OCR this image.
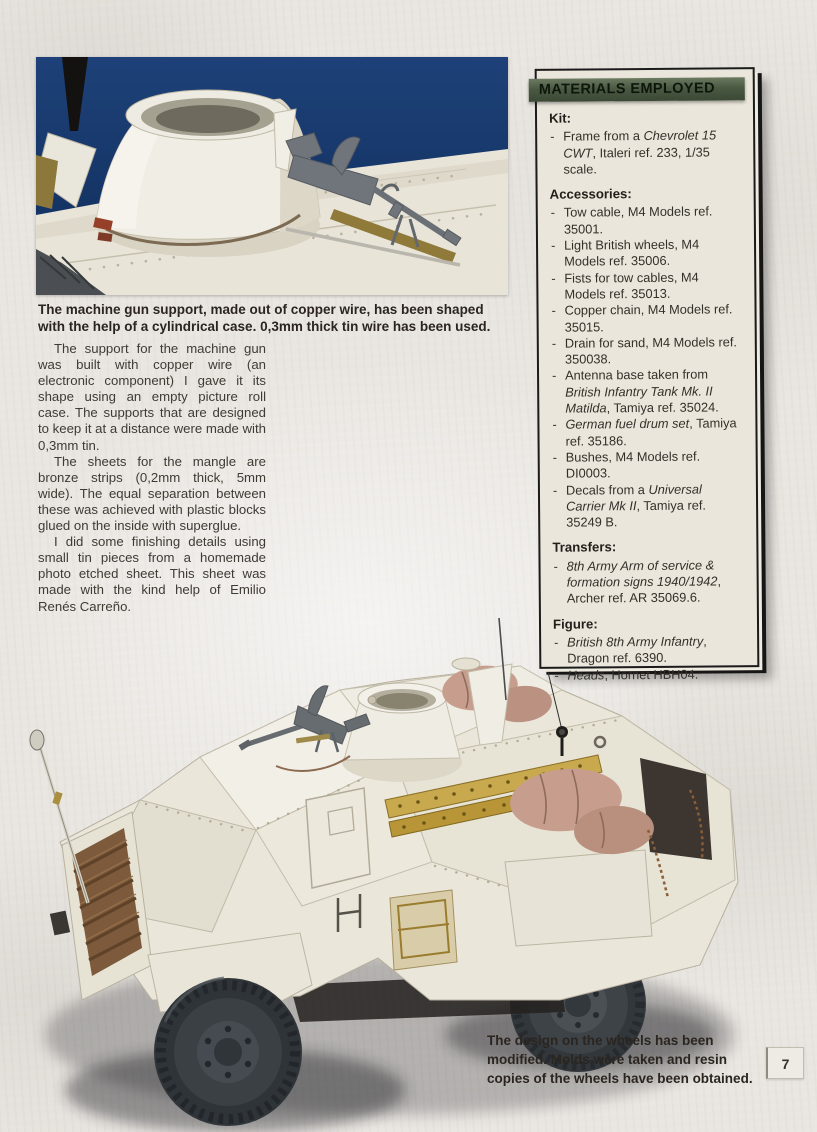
The machine gun support, made out of copper wire, has been shaped with the help of a cylindrical case. 0,3mm thick tin wire has been used.

The support for the machine gun was built with copper wire (an electronic component) I gave it its shape using an empty picture roll case. The supports that are designed to keep it at a distance were made with 0,3mm tin.

The sheets for the mangle are bronze strips (0,2mm thick, 5mm wide). The equal separation between these was achieved with plastic blocks glued on the inside with superglue.

I did some finishing details using small tin pieces from a homemade photo etched sheet. This sheet was made with the kind help of Emilio Renés Carreño.

MATERIALS EMPLOYED
Kit:
- Frame from a Chevrolet 15 CWT, Italeri ref. 233, 1/35 scale.
Accessories:
- Tow cable, M4 Models ref. 35001.
- Light British wheels, M4 Models ref. 35006.
- Fists for tow cables, M4 Models ref. 35013.
- Copper chain, M4 Models ref. 35015.
- Drain for sand, M4 Models ref. 350038.
- Antenna base taken from British Infantry Tank Mk. II Matilda, Tamiya ref. 35024.
- German fuel drum set, Tamiya ref. 35186.
- Bushes, M4 Models ref. DI0003.
- Decals from a Universal Carrier Mk II, Tamiya ref. 35249 B.
Transfers:
- 8th Army Arm of service & formation signs 1940/1942, Archer ref. AR 35069.6.
Figure:
- British 8th Army Infantry, Dragon ref. 6390.
- Heads, Hornet HBH04.
The design on the wheels has been modified. Molds were taken and resin copies of the wheels have been obtained.
7
